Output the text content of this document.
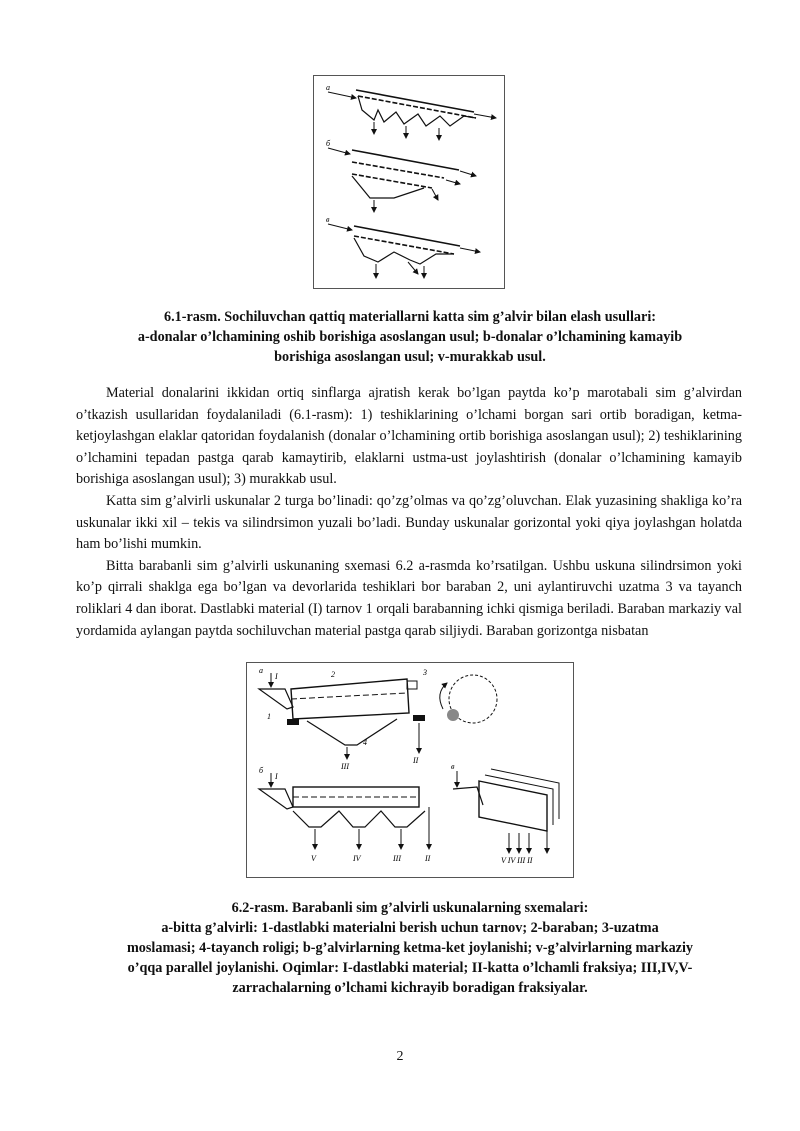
a
б
в
6.1-rasm. Sochiluvchan qattiq materiallarni katta sim g’alvir bilan elash usullari:
a-donalar o’lchamining oshib borishiga asoslangan usul; b-donalar o’lchamining kamayib
borishiga asoslangan usul; v-murakkab usul.

Material donalarini ikkidan ortiq sinflarga ajratish kerak bo’lgan paytda ko’p marotabali sim g’alvirdan o’tkazish usullaridan foydalaniladi (6.1-rasm): 1) teshiklarining o’lchami borgan sari ortib boradigan, ketma-ketjoylashgan elaklar qatoridan foydalanish (donalar o’lchamining ortib borishiga asoslangan usul); 2) teshiklarining o’lchamini tepadan pastga qarab kamaytirib, elaklarni ustma-ust joylashtirish (donalar o’lchamining kamayib borishiga asoslangan usul); 3) murakkab usul.

Katta sim g’alvirli uskunalar 2 turga bo’linadi: qo’zg’olmas va qo’zg’oluvchan. Elak yuzasining shakliga ko’ra uskunalar ikki xil – tekis va silindrsimon yuzali bo’ladi. Bunday uskunalar gorizontal yoki qiya joylashgan holatda ham bo’lishi mumkin.

Bitta barabanli sim g’alvirli uskunaning sxemasi 6.2 a-rasmda ko’rsatilgan. Ushbu uskuna silindrsimon yoki ko’p qirrali shaklga ega bo’lgan va devorlarida teshiklari bor baraban 2, uni aylantiruvchi uzatma 3 va tayanch roliklari 4 dan iborat. Dastlabki material (I) tarnov 1 orqali barabanning ichki qismiga beriladi. Baraban markaziy val yordamida aylangan paytda sochiluvchan material pastga qarab siljiydi. Baraban gorizontga nisbatan

a
I
1
2	3
4
III
II
б
I
V	IV	III	II
в
V IV III II
6.2-rasm. Barabanli sim g’alvirli uskunalarning sxemalari:
a-bitta g’alvirli: 1-dastlabki materialni berish uchun tarnov; 2-baraban; 3-uzatma
moslamasi; 4-tayanch roligi; b-g’alvirlarning ketma-ket joylanishi; v-g’alvirlarning markaziy
o’qqa parallel joylanishi. Oqimlar: I-dastlabki material; II-katta o’lchamli fraksiya; III,IV,V-
zarrachalarning o’lchami kichrayib boradigan fraksiyalar.
2
